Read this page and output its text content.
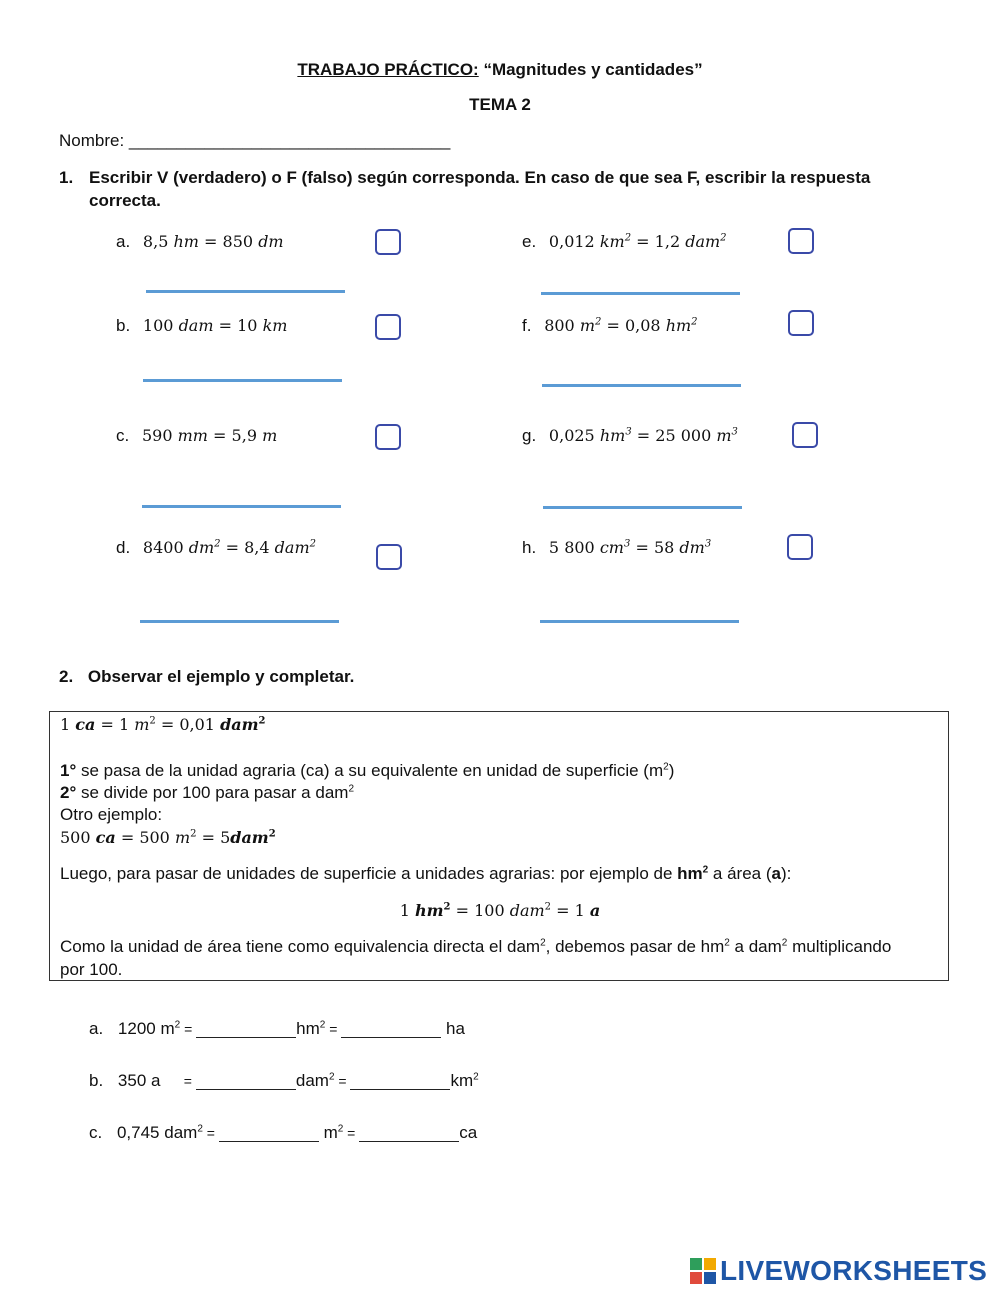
TRABAJO PRÁCTICO: “Magnitudes y cantidades”
TEMA 2
Nombre: __________________________________
1. Escribir V (verdadero) o F (falso) según corresponda. En caso de que sea F, escribir la respuesta correcta.
a. 8,5 hm = 850 dm
b. 100 dam = 10 km
c. 590 mm = 5,9 m
d. 8400 $dm^2 = 8,4$ dam$^2$
e. 0,012 $km^2 = 1,2$ dam$^2$
f. 800 $m^2 = 0,08$ $hm^2$
g. 0,025 $hm^3 = 25$ 000 $m^3$
h. 5 800 $cm^3 = 58$ $dm^3$
2. Observar el ejemplo y completar.
1 ca = 1 $m^2 = 0,01$ dam$^2$
1° se pasa de la unidad agraria (ca) a su equivalente en unidad de superficie $(m^2)$
2° se divide por 100 para pasar a dam$^2$
Otro ejemplo:
500 ca = 500 $m^2 = 5dam^2$
Luego, para pasar de unidades de superficie a unidades agrarias: por ejemplo de $hm^2$ a área (a):
1 $hm^2 = 100$ dam$^2$ = 1 a
Como la unidad de área tiene como equivalencia directa el dam$^2$, debemos pasar de $hm^2$ a dam$^2$ multiplicando
por 100.
a. 1200 $m^2$ =	$hm^2$ =	ha
b. 350 a      =	dam$^2$ =	$km^2$
c. 0,745 dam$^2$ =	$m^2$ =	ca
LIVEWORKSHEETS
